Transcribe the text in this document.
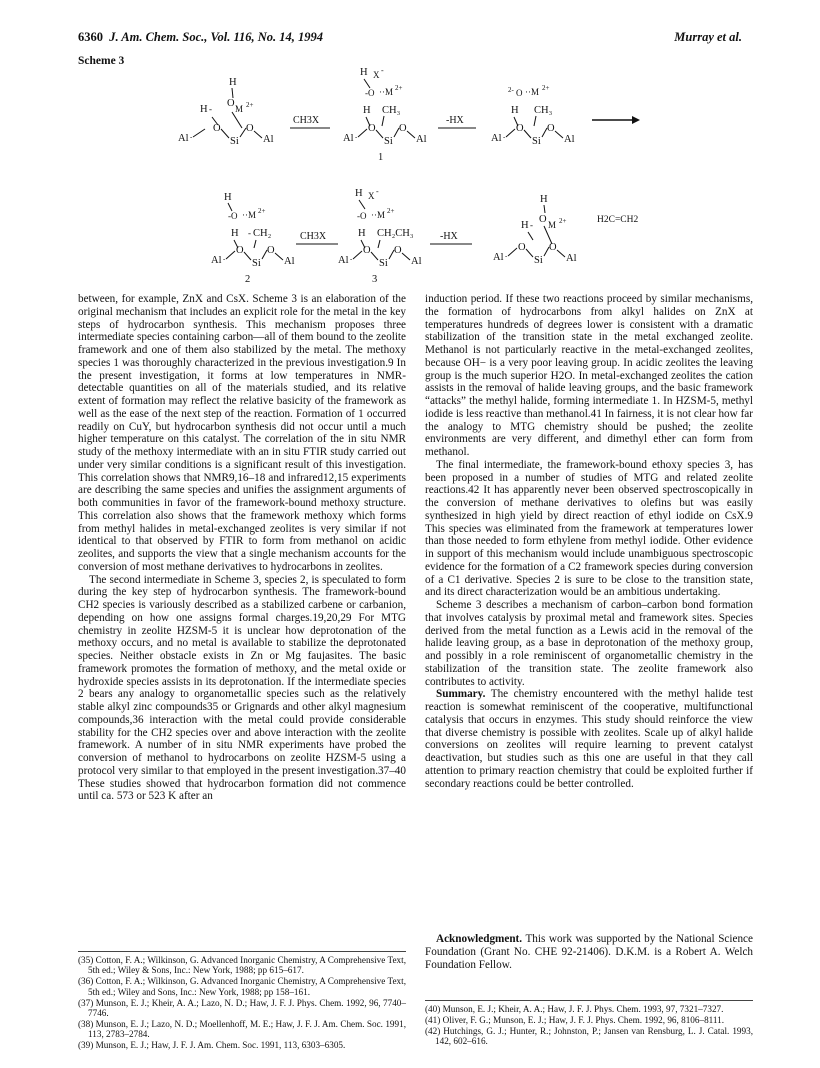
6360 J. Am. Chem. Soc., Vol. 116, No. 14, 1994	Murray et al.
Scheme 3
H
H - O M 2+
Al -
O
Si
O
Al
CH3X
H X -
-O ··M 2+
H CH₃
Al -
O
Si
O
Al
1
-HX
2- O ··M 2+
H CH₃
Al -
O
Si
O
Al
H
-O ··M 2+
H - CH₂
Al -
O
Si
O
Al
2
CH3X
H X -
-O ··M 2+
H CH₂CH₃
Al -
O
Si
O
Al
3
-HX
H
H - O M 2+
Al -
O
Si
O
Al
H2C=CH2

between, for example, ZnX and CsX. Scheme 3 is an elaboration of the original mechanism that includes an explicit role for the metal in the key steps of hydrocarbon synthesis. This mechanism proposes three intermediate species containing carbon—all of them bound to the zeolite framework and one of them also stabilized by the metal. The methoxy species 1 was thoroughly characterized in the previous investigation.9 In the present investigation, it forms at low temperatures in NMR-detectable quantities on all of the materials studied, and its relative extent of formation may reflect the relative basicity of the framework as well as the ease of the next step of the reaction. Formation of 1 occurred readily on CuY, but hydrocarbon synthesis did not occur until a much higher temperature on this catalyst. The correlation of the in situ NMR study of the methoxy intermediate with an in situ FTIR study carried out under very similar conditions is a significant result of this investigation. This correlation shows that NMR9,16–18 and infrared12,15 experiments are describing the same species and unifies the assignment arguments of both communities in favor of the framework-bound methoxy structure. This correlation also shows that the framework methoxy which forms from methyl halides in metal-exchanged zeolites is very similar if not identical to that observed by FTIR to form from methanol on acidic zeolites, and supports the view that a single mechanism accounts for the conversion of most methane derivatives to hydrocarbons in zeolites.

The second intermediate in Scheme 3, species 2, is speculated to form during the key step of hydrocarbon synthesis. The framework-bound CH2 species is variously described as a stabilized carbene or carbanion, depending on how one assigns formal charges.19,20,29 For MTG chemistry in zeolite HZSM-5 it is unclear how deprotonation of the methoxy occurs, and no metal is available to stabilize the deprotonated species. Neither obstacle exists in Zn or Mg faujasites. The basic framework promotes the formation of methoxy, and the metal oxide or hydroxide species assists in its deprotonation. If the intermediate species 2 bears any analogy to organometallic species such as the relatively stable alkyl zinc compounds35 or Grignards and other alkyl magnesium compounds,36 interaction with the metal could provide considerable stability for the CH2 species over and above interaction with the zeolite framework. A number of in situ NMR experiments have probed the conversion of methanol to hydrocarbons on zeolite HZSM-5 using a protocol very similar to that employed in the present investigation.37–40 These studies showed that hydrocarbon formation did not commence until ca. 573 or 523 K after an

(35) Cotton, F. A.; Wilkinson, G. Advanced Inorganic Chemistry, A Comprehensive Text, 5th ed.; Wiley & Sons, Inc.: New York, 1988; pp 615–617.

(36) Cotton, F. A.; Wilkinson, G. Advanced Inorganic Chemistry, A Comprehensive Text, 5th ed.; Wiley and Sons, Inc.: New York, 1988; pp 158–161.

(37) Munson, E. J.; Kheir, A. A.; Lazo, N. D.; Haw, J. F. J. Phys. Chem. 1992, 96, 7740–7746.

(38) Munson, E. J.; Lazo, N. D.; Moellenhoff, M. E.; Haw, J. F. J. Am. Chem. Soc. 1991, 113, 2783–2784.

(39) Munson, E. J.; Haw, J. F. J. Am. Chem. Soc. 1991, 113, 6303–6305.

induction period. If these two reactions proceed by similar mechanisms, the formation of hydrocarbons from alkyl halides on ZnX at temperatures hundreds of degrees lower is consistent with a dramatic stabilization of the transition state in the metal exchanged zeolite. Methanol is not particularly reactive in the metal-exchanged zeolites, because OH− is a very poor leaving group. In acidic zeolites the leaving group is the much superior H2O. In metal-exchanged zeolites the cation assists in the removal of halide leaving groups, and the basic framework “attacks” the methyl halide, forming intermediate 1. In HZSM-5, methyl iodide is less reactive than methanol.41 In fairness, it is not clear how far the analogy to MTG chemistry should be pushed; the zeolite environments are very different, and dimethyl ether can form from methanol.

The final intermediate, the framework-bound ethoxy species 3, has been proposed in a number of studies of MTG and related zeolite reactions.42 It has apparently never been observed spectroscopically in the conversion of methane derivatives to olefins but was easily synthesized in high yield by direct reaction of ethyl iodide on CsX.9 This species was eliminated from the framework at temperatures lower than those needed to form ethylene from methyl iodide. Other evidence in support of this mechanism would include unambiguous spectroscopic evidence for the formation of a C2 framework species during conversion of a C1 derivative. Species 2 is sure to be close to the transition state, and its direct characterization would be an ambitious undertaking.

Scheme 3 describes a mechanism of carbon–carbon bond formation that involves catalysis by proximal metal and framework sites. Species derived from the metal function as a Lewis acid in the removal of the halide leaving group, as a base in deprotonation of the methoxy group, and possibly in a role reminiscent of organometallic chemistry in the stabilization of the transition state. The zeolite framework also contributes to activity.

Summary. The chemistry encountered with the methyl halide test reaction is somewhat reminiscent of the cooperative, multifunctional catalysis that occurs in enzymes. This study should reinforce the view that diverse chemistry is possible with zeolites. Scale up of alkyl halide conversions on zeolites will require learning to prevent catalyst deactivation, but studies such as this one are useful in that they call attention to primary reaction chemistry that could be exploited further if secondary reactions could be better controlled.

Acknowledgment. This work was supported by the National Science Foundation (Grant No. CHE 92-21406). D.K.M. is a Robert A. Welch Foundation Fellow.

(40) Munson, E. J.; Kheir, A. A.; Haw, J. F. J. Phys. Chem. 1993, 97, 7321–7327.

(41) Oliver, F. G.; Munson, E. J.; Haw, J. F. J. Phys. Chem. 1992, 96, 8106–8111.

(42) Hutchings, G. J.; Hunter, R.; Johnston, P.; Jansen van Rensburg, L. J. Catal. 1993, 142, 602–616.
